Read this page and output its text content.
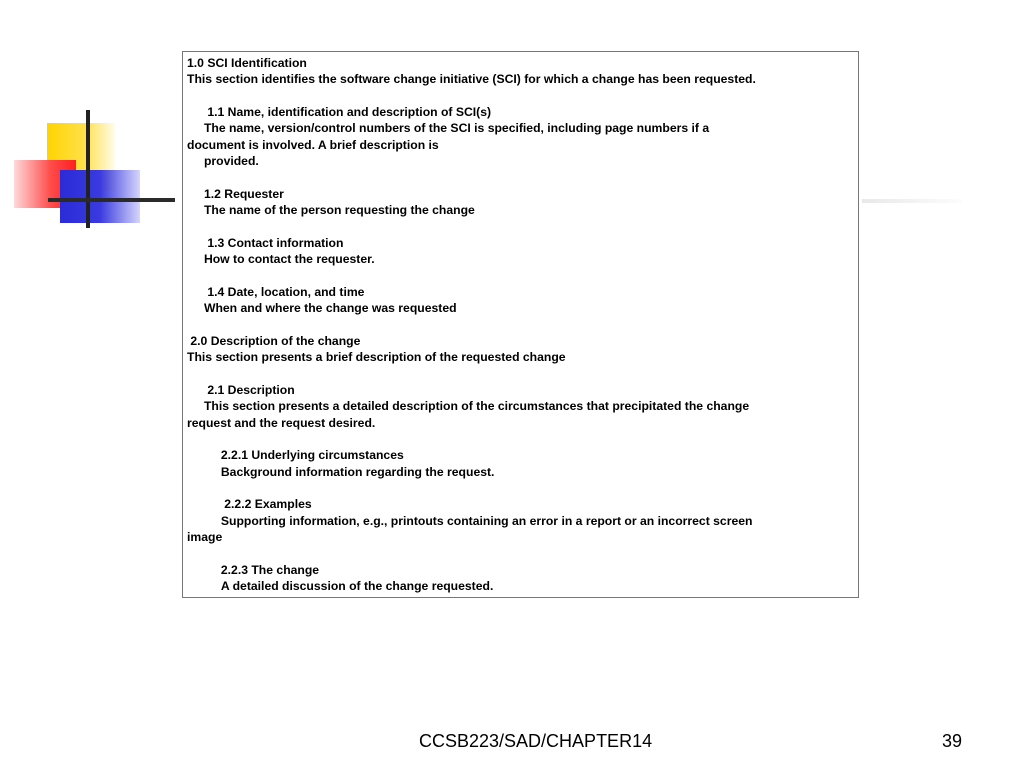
1.0 SCI Identification
This section identifies the software change initiative (SCI) for which a change has been requested.
1.1 Name, identification and description of SCI(s)
The name, version/control numbers of the SCI is specified, including page numbers if a
document is involved. A brief description is
provided.
1.2 Requester
The name of the person requesting the change
1.3 Contact information
How to contact the requester.
1.4 Date, location, and time
When and where the change was requested
2.0 Description of the change
This section presents a brief description of the requested change
2.1 Description
This section presents a detailed description of the circumstances that precipitated the change
request and the request desired.
2.2.1 Underlying circumstances
Background information regarding the request.
2.2.2 Examples
Supporting information, e.g., printouts containing an error in a report or an incorrect screen
image
2.2.3 The change
A detailed discussion of the change requested.
CCSB223/SAD/CHAPTER14	39
